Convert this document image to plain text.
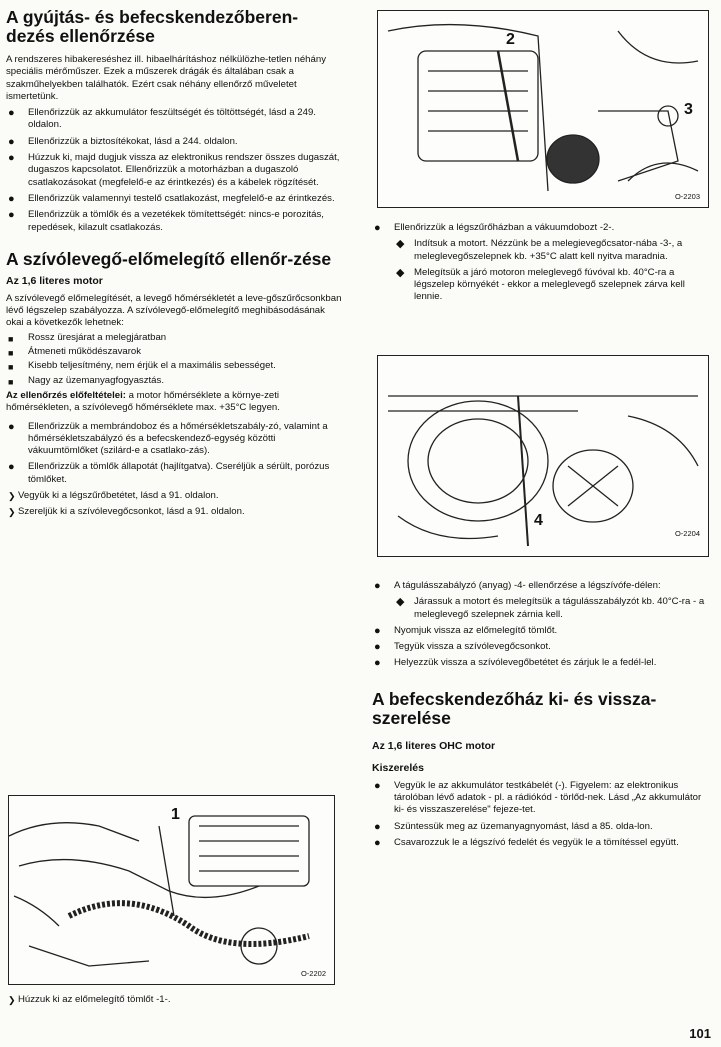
A gyújtás- és befecskendezőberen-dezés ellenőrzése

A rendszeres hibakereséshez ill. hibaelhárításhoz nélkülözhe-tetlen néhány speciális mérőműszer. Ezek a műszerek drágák és általában csak a szakműhelyekben találhatók. Ezért csak néhány ellenőrző műveletet ismertetünk.

● Ellenőrizzük az akkumulátor feszültségét és töltöttségét, lásd a 249. oldalon.
● Ellenőrizzük a biztosítékokat, lásd a 244. oldalon.
● Húzzuk ki, majd dugjuk vissza az elektronikus rendszer összes dugaszát, dugaszos kapcsolatot. Ellenőrizzük a motorházban a dugaszoló csatlakozásokat (megfelelő-e az érintkezés) és a kábelek rögzítését.
● Ellenőrizzük valamennyi testelő csatlakozást, megfelelő-e az érintkezés.
● Ellenőrizzük a tömlők és a vezetékek tömítettségét: nincs-e porozitás, repedések, kilazult csatlakozás.
A szívólevegő-előmelegítő ellenőr-zése
Az 1,6 literes motor

A szívólevegő előmelegítését, a levegő hőmérsékletét a leve-gőszűrőcsonkban lévő légszelep szabályozza. A szívólevegő-előmelegítő meghibásodásának okai a következők lehetnek:

■ Rossz üresjárat a melegjáratban
■ Átmeneti működészavarok
■ Kisebb teljesítmény, nem érjük el a maximális sebességet.
■ Nagy az üzemanyagfogyasztás.

Az ellenőrzés előfeltételei: a motor hőmérséklete a környe-zeti hőmérsékleten, a szívólevegő hőmérséklete max. +35°C legyen.

● Ellenőrizzük a membrándoboz és a hőmérsékletszabály-zó, valamint a hőmérsékletszabályzó és a befecskendező-egység közötti vákuumtömlőket (szilárd-e a csatlako-zás).
● Ellenőrizzük a tömlők állapotát (hajlítgatva). Cseréljük a sérült, porózus tömlőket.
❯ Vegyük ki a légszűrőbetétet, lásd a 91. oldalon.
❯ Szereljük ki a szívólevegőcsonkot, lásd a 91. oldalon.
1
O-2202
❯ Húzzuk ki az előmelegítő tömlőt -1-.
2
3
O-2203
● Ellenőrizzük a légszűrőházban a vákuumdobozt -2-.
◆ Indítsuk a motort. Nézzünk be a melegievegőcsator-nába -3-, a meleglevegőszelepnek kb. +35°C alatt kell nyitva maradnia.
◆ Melegítsük a járó motoron meleglevegő fúvóval kb. 40°C-ra a légszelep környékét - ekkor a meleglevegő szelepnek zárva kell lennie.
4
O-2204
● A tágulásszabályzó (anyag) -4- ellenőrzése a légszívófe-délen:
◆ Járassuk a motort és melegítsük a tágulásszabályzót kb. 40°C-ra - a meleglevegő szelepnek zárnia kell.
● Nyomjuk vissza az előmelegítő tömlőt.
● Tegyük vissza a szívólevegőcsonkot.
● Helyezzük vissza a szívólevegőbetétet és zárjuk le a fedél-lel.
A befecskendezőház ki- és vissza-szerelése
Az 1,6 literes OHC motor
Kiszerelés
● Vegyük le az akkumulátor testkábelét (-). Figyelem: az elektronikus tárolóban lévő adatok - pl. a rádiókód - törlőd-nek. Lásd „Az akkumulátor ki- és visszaszerelése" fejeze-tet.
● Szüntessük meg az üzemanyagnyomást, lásd a 85. olda-lon.
● Csavarozzuk le a légszívó fedelét és vegyük le a tömítéssel együtt.
101
